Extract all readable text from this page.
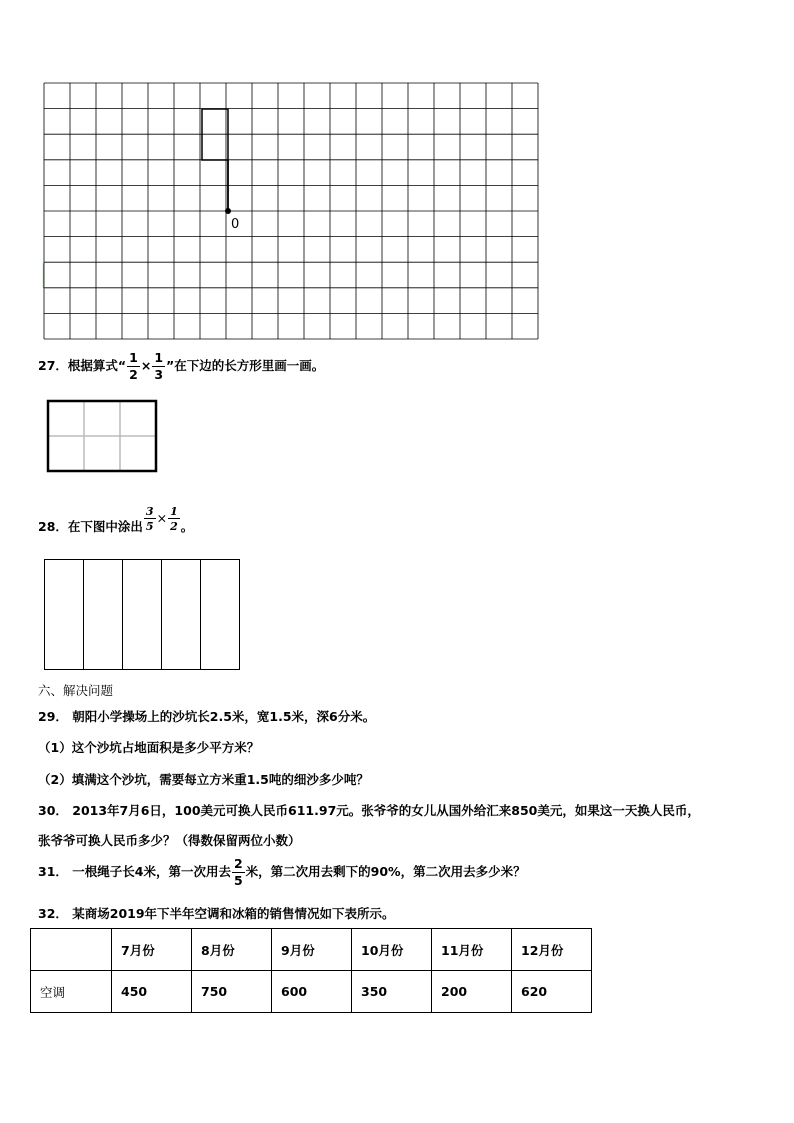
0
27．根据算式“ $\frac{1}{2} \times \frac{1}{3}$ ”在下边的长方形里画一画。
28．在下图中涂出 $\frac{3}{5} \times \frac{1}{2}$ 。
六、解决问题
29． 朝阳小学操场上的沙坑长2.5米，宽1.5米，深6分米。
（1）这个沙坑占地面积是多少平方米？
（2）填满这个沙坑，需要每立方米重1.5吨的细沙多少吨？
30． 2013年7月6日，100美元可换人民币611.97元。张爷爷的女儿从国外给汇来850美元，如果这一天换人民币，
张爷爷可换人民币多少？（得数保留两位小数）
31． 一根绳子长4米，第一次用去 $\frac{2}{5}$ 米，第二次用去剩下的90%，第二次用去多少米？
32． 某商场2019年下半年空调和冰箱的销售情况如下表所示。
	7月份	8月份	9月份	10月份	11月份	12月份
空调	450	750	600	350	200	620
